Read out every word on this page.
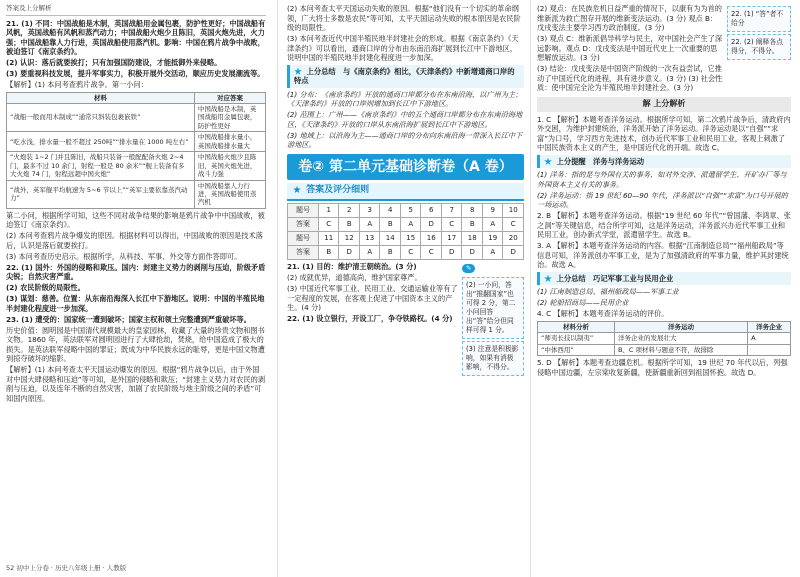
答案及上分解析

21. (1) 不同：中国战船是木制，英国战船用金属包裹，防护性更好；中国战船有风帆，英国战船有风帆和蒸汽动力；中国战船火炮少且陈旧，英国火炮先进，火力强；中国战船靠人力行进，英国战船使用蒸汽机。影响：中国在鸦片战争中战败，被迫签订《南京条约》。

(2) 认识：落后就要挨打；只有加强国防建设，才能抵御外来侵略。

(3) 要重视科技发展，提升军事实力，积极开展外交活动，顺应历史发展潮流等。

【解析】(1) 本问考查鸦片战争。第一小问：

材料	对应答案
“战船一般而用木制成”“通常只斜装包裹嵌铁”	中国战船是木制，英国战船用金属包裹，防护性更好
“吃水浅，排水量一般不超过 250吨”“排水量在 1000 吨左右”	中国战船排水量小，英国战船排水量大
“火炮装 1~2 门并且陈旧，战船只装备一般配配备火炮 2~4 门，最多不过 10 余门，射程一般是 80 余米”“舰上装备有多大火炮 74 门，射程远超中国火炮”	中国战船火炮少且陈旧，英国火炮先进，战斗力强
“战外，英军舰平均航速为 5~6 节以上”“英军主要依靠蒸汽动力”	中国战船靠人力行进，英国战船使用蒸汽机

第二小问，根据所学可知，这些不同对战争结果的影响是鸦片战争中中国战败，被迫签订《南京条约》。

(2) 本问考查鸦片战争爆发的原因。根据材料可以得出，中国战败的原因是技术落后，认识是落后就要挨打。

(3) 本问考查历史启示。根据所学，从科技、军事、外交等方面作答即可。

22. (1) 国外：外国的侵略和欺压。国内：封建主义势力的剥削与压迫，阶级矛盾尖锐；自然灾害严重。

(2) 农民阶级的局限性。

(3) 谋划：慈善。位置：从东南沿海深入长江中下游地区。说明：中国的半殖民地半封建化程度进一步加深。

23. (1) 遭受的：国家统一遭到破坏；国家主权和领土完整遭到严重破坏等。

历史价值：圆明园是中国清代规模最大的皇家园林，收藏了大量的珍贵文物和图书文物。1860 年，英法联军对圆明园进行了大肆抢劫，焚烧，给中国造成了极大的损失。是英法联军侵略中国的罪证；既成为中华民族永远的耻辱，更是中国文物遭到掠夺破坏的缩影。

【解析】(1) 本问考查太平天国运动爆发的原因。根据“鸦片战争以后，由于外国对中国大肆侵略和压迫”等可知，是外国的侵略和欺压；“封建主义势力对农民的剥削与压迫，以及连年不断的自然灾害，加剧了农民阶级与地主阶级之间的矛盾”可知国内原因。

52 初中上分卷 · 历史八年级上册 · 人教版

(2) 本问考查太平天国运动失败的原因。根据“他们没有一个切实的革命纲领，广大将士多数是农民”等可知，太平天国运动失败的根本原因是农民阶级的局限性。

(3) 本问考查近代中国半殖民地半封建社会的形成。根据《南京条约》《天津条约》可以看出，通商口岸的分布由东南沿海扩展到长江中下游地区，说明中国的半殖民地半封建化程度进一步加深。

上分总结　与《南京条约》相比，《天津条约》中新增通商口岸的特点

(1) 分布：《南京条约》开放的通商口岸都分布在东南沿海，以广州为主；《天津条约》开放的口岸则增加到长江中下游地区。

(2) 范围上：广州——《南京条约》中的五个通商口岸都分布在东南沿海地区，《天津条约》开放的口岸从东南沿海扩展到长江中下游地区。

(3) 地域上：以沿海为主——通商口岸的分布向东南沿海一带深入长江中下游地区。

卷② 第二单元基础诊断卷（A 卷）
答案及评分细则
题号	1	2	3	4	5	6	7	8	9	10
答案	C	B	A	B	A	D	C	B	A	C
题号	11	12	13	14	15	16	17	18	19	20
答案	B	D	A	B	C	C	D	D	A	D

21. (1) 目的：维护清王朝统治。(3 分)

(2) 成就优异，道德高尚，维护国家尊严。

(3) 中国近代军事工业、民用工业、交通运输业等有了一定程度的发展，在客观上促进了中国资本主义的产生。(4 分)

22. (1) 设立银行，开设工厂，争夺铁路权。(4 分)

✎
(2) 一小问，答出“推翻国家”也可得 2 分，第二小问回答出“答”给分但同样可得 1 分。
(3) 注意是积极影响，如果有消极影响，不得分。

(2) 观点：在民族危机日益严重的情况下，以康有为为首的维新派为救亡图存开展的维新变法运动。(3 分) 观点 B：戊戌变法主要学习西方政治制度。(3 分)

(3) 观点 C：维新派倡导科学与民主，对中国社会产生了深远影响。观点 D：戊戌变法是中国近代史上一次重要的思想解放运动。(3 分)

(3) 结论：戊戌变法是中国资产阶级的一次有益尝试，它推动了中国近代化的进程，具有进步意义。(3 分) (3) 社会性质：使中国完全沦为半殖民地半封建社会。(3 分)

22. (1) “答”者不给分
22. (2) 阐释各点得分，不得分。
解 上分解析

1. C 【解析】本题考查洋务运动。根据所学可知，第二次鸦片战争后，清政府内外交困，为维护封建统治，洋务派开始了洋务运动。洋务运动是以“自强”“求富”为口号，学习西方先进技术，创办近代军事工业和民用工业，客观上刺激了中国民族资本主义的产生，是中国近代化的开端。故选 C。

上分提醒　洋务与洋务运动

(1) 洋务：指的是与外国有关的事务，如对外交涉、派遣留学生、开矿办厂等与外国资本主义有关的事务。

(2) 洋务运动：指 19 世纪 60—90 年代，洋务派以“自强”“求富”为口号开展的一场运动。

2. B 【解析】本题考查洋务运动。根据“19 世纪 60 年代”“曾国藩、李鸿章、张之洞”等关键信息，结合所学可知，这是洋务运动，洋务派兴办近代军事工业和民用工业，创办新式学堂，派遣留学生。故选 B。

3. A 【解析】本题考查洋务运动的内容。根据“江南制造总局”“福州船政局”等信息可知，洋务派创办军事工业，是为了加强清政府的军事力量，维护其封建统治。故选 A。

上分总结　巧记军事工业与民用企业

(1) 江南制造总局、福州船政局——军事工业

(2) 轮船招商局——民用企业

4. C 【解析】本题考查洋务运动的评价。

材料分析	洋务运动	洋务企业
“师夷长技以制夷”	洋务企业的发展壮大	A
“中体西用”	B、C 项材料与题意不符，故排除	

5. D 【解析】本题考查边疆危机。根据所学可知，19 世纪 70 年代以后，列强侵略中国边疆，左宗棠收复新疆，使新疆重新回到祖国怀抱。故选 D。
